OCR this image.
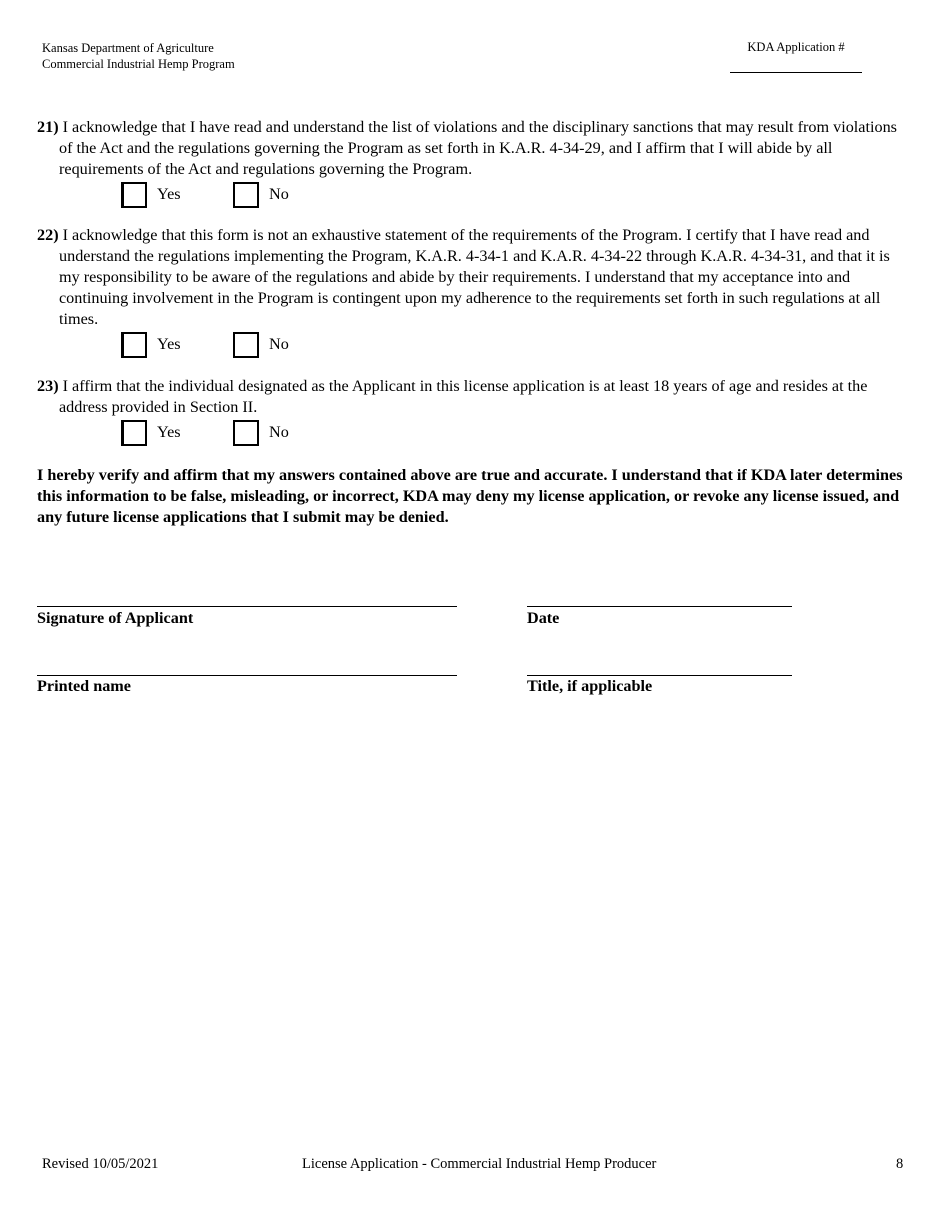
Kansas Department of Agriculture
Commercial Industrial Hemp Program
KDA Application #
21) I acknowledge that I have read and understand the list of violations and the disciplinary sanctions that may result from violations of the Act and the regulations governing the Program as set forth in K.A.R. 4-34-29, and I affirm that I will abide by all requirements of the Act and regulations governing the Program.
Yes	No
22) I acknowledge that this form is not an exhaustive statement of the requirements of the Program. I certify that I have read and understand the regulations implementing the Program, K.A.R. 4-34-1 and K.A.R. 4-34-22 through K.A.R. 4-34-31, and that it is my responsibility to be aware of the regulations and abide by their requirements. I understand that my acceptance into and continuing involvement in the Program is contingent upon my adherence to the requirements set forth in such regulations at all times.
Yes	No
23) I affirm that the individual designated as the Applicant in this license application is at least 18 years of age and resides at the address provided in Section II.
Yes	No
I hereby verify and affirm that my answers contained above are true and accurate. I understand that if KDA later determines this information to be false, misleading, or incorrect, KDA may deny my license application, or revoke any license issued, and any future license applications that I submit may be denied.
Signature of Applicant	Date
Printed name	Title, if applicable
Revised 10/05/2021	License Application - Commercial Industrial Hemp Producer	8
